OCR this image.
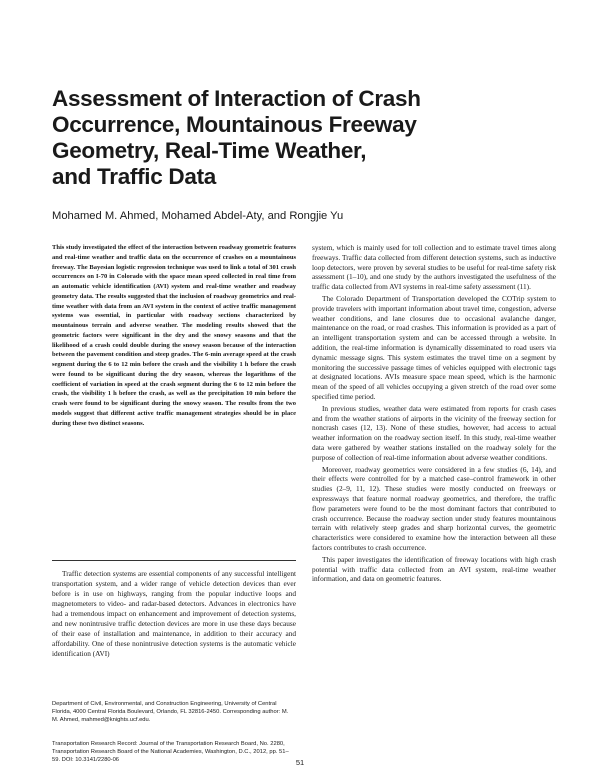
Assessment of Interaction of Crash
Occurrence, Mountainous Freeway
Geometry, Real-Time Weather,
and Traffic Data
Mohamed M. Ahmed, Mohamed Abdel-Aty, and Rongjie Yu

This study investigated the effect of the interaction between roadway geometric features and real-time weather and traffic data on the occurrence of crashes on a mountainous freeway. The Bayesian logistic regression technique was used to link a total of 301 crash occurrences on I-70 in Colorado with the space mean speed collected in real time from an automatic vehicle identification (AVI) system and real-time weather and roadway geometry data. The results suggested that the inclusion of roadway geometrics and real-time weather with data from an AVI system in the context of active traffic management systems was essential, in particular with roadway sections characterized by mountainous terrain and adverse weather. The modeling results showed that the geometric factors were significant in the dry and the snowy seasons and that the likelihood of a crash could double during the snowy season because of the interaction between the pavement condition and steep grades. The 6-min average speed at the crash segment during the 6 to 12 min before the crash and the visibility 1 h before the crash were found to be significant during the dry season, whereas the logarithms of the coefficient of variation in speed at the crash segment during the 6 to 12 min before the crash, the visibility 1 h before the crash, as well as the precipitation 10 min before the crash were found to be significant during the snowy season. The results from the two models suggest that different active traffic management strategies should be in place during these two distinct seasons.

Traffic detection systems are essential components of any successful intelligent transportation system, and a wider range of vehicle detection devices than ever before is in use on highways, ranging from the popular inductive loops and magnetometers to video- and radar-based detectors. Advances in electronics have had a tremendous impact on enhancement and improvement of detection systems, and new nonintrusive traffic detection devices are more in use these days because of their ease of installation and maintenance, in addition to their accuracy and affordability. One of these nonintrusive detection systems is the automatic vehicle identification (AVI)

Department of Civil, Environmental, and Construction Engineering, University of Central Florida, 4000 Central Florida Boulevard, Orlando, FL 32816-2450. Corresponding author: M. M. Ahmed, mahmed@knights.ucf.edu.
Transportation Research Record: Journal of the Transportation Research Board, No. 2280, Transportation Research Board of the National Academies, Washington, D.C., 2012, pp. 51–59. DOI: 10.3141/2280-06

system, which is mainly used for toll collection and to estimate travel times along freeways. Traffic data collected from different detection systems, such as inductive loop detectors, were proven by several studies to be useful for real-time safety risk assessment (1–10), and one study by the authors investigated the usefulness of the traffic data collected from AVI systems in real-time safety assessment (11).

The Colorado Department of Transportation developed the COTrip system to provide travelers with important information about travel time, congestion, adverse weather conditions, and lane closures due to occasional avalanche danger, maintenance on the road, or road crashes. This information is provided as a part of an intelligent transportation system and can be accessed through a website. In addition, the real-time information is dynamically disseminated to road users via dynamic message signs. This system estimates the travel time on a segment by monitoring the successive passage times of vehicles equipped with electronic tags at designated locations. AVIs measure space mean speed, which is the harmonic mean of the speed of all vehicles occupying a given stretch of the road over some specified time period.

In previous studies, weather data were estimated from reports for crash cases and from the weather stations of airports in the vicinity of the freeway section for noncrash cases (12, 13). None of these studies, however, had access to actual weather information on the roadway section itself. In this study, real-time weather data were gathered by weather stations installed on the roadway solely for the purpose of collection of real-time information about adverse weather conditions.

Moreover, roadway geometrics were considered in a few studies (6, 14), and their effects were controlled for by a matched case–control framework in other studies (2–9, 11, 12). These studies were mostly conducted on freeways or expressways that feature normal roadway geometrics, and therefore, the traffic flow parameters were found to be the most dominant factors that contributed to crash occurrence. Because the roadway section under study features mountainous terrain with relatively steep grades and sharp horizontal curves, the geometric characteristics were considered to examine how the interaction between all these factors contributes to crash occurrence.

This paper investigates the identification of freeway locations with high crash potential with traffic data collected from an AVI system, real-time weather information, and data on geometric features.

51
